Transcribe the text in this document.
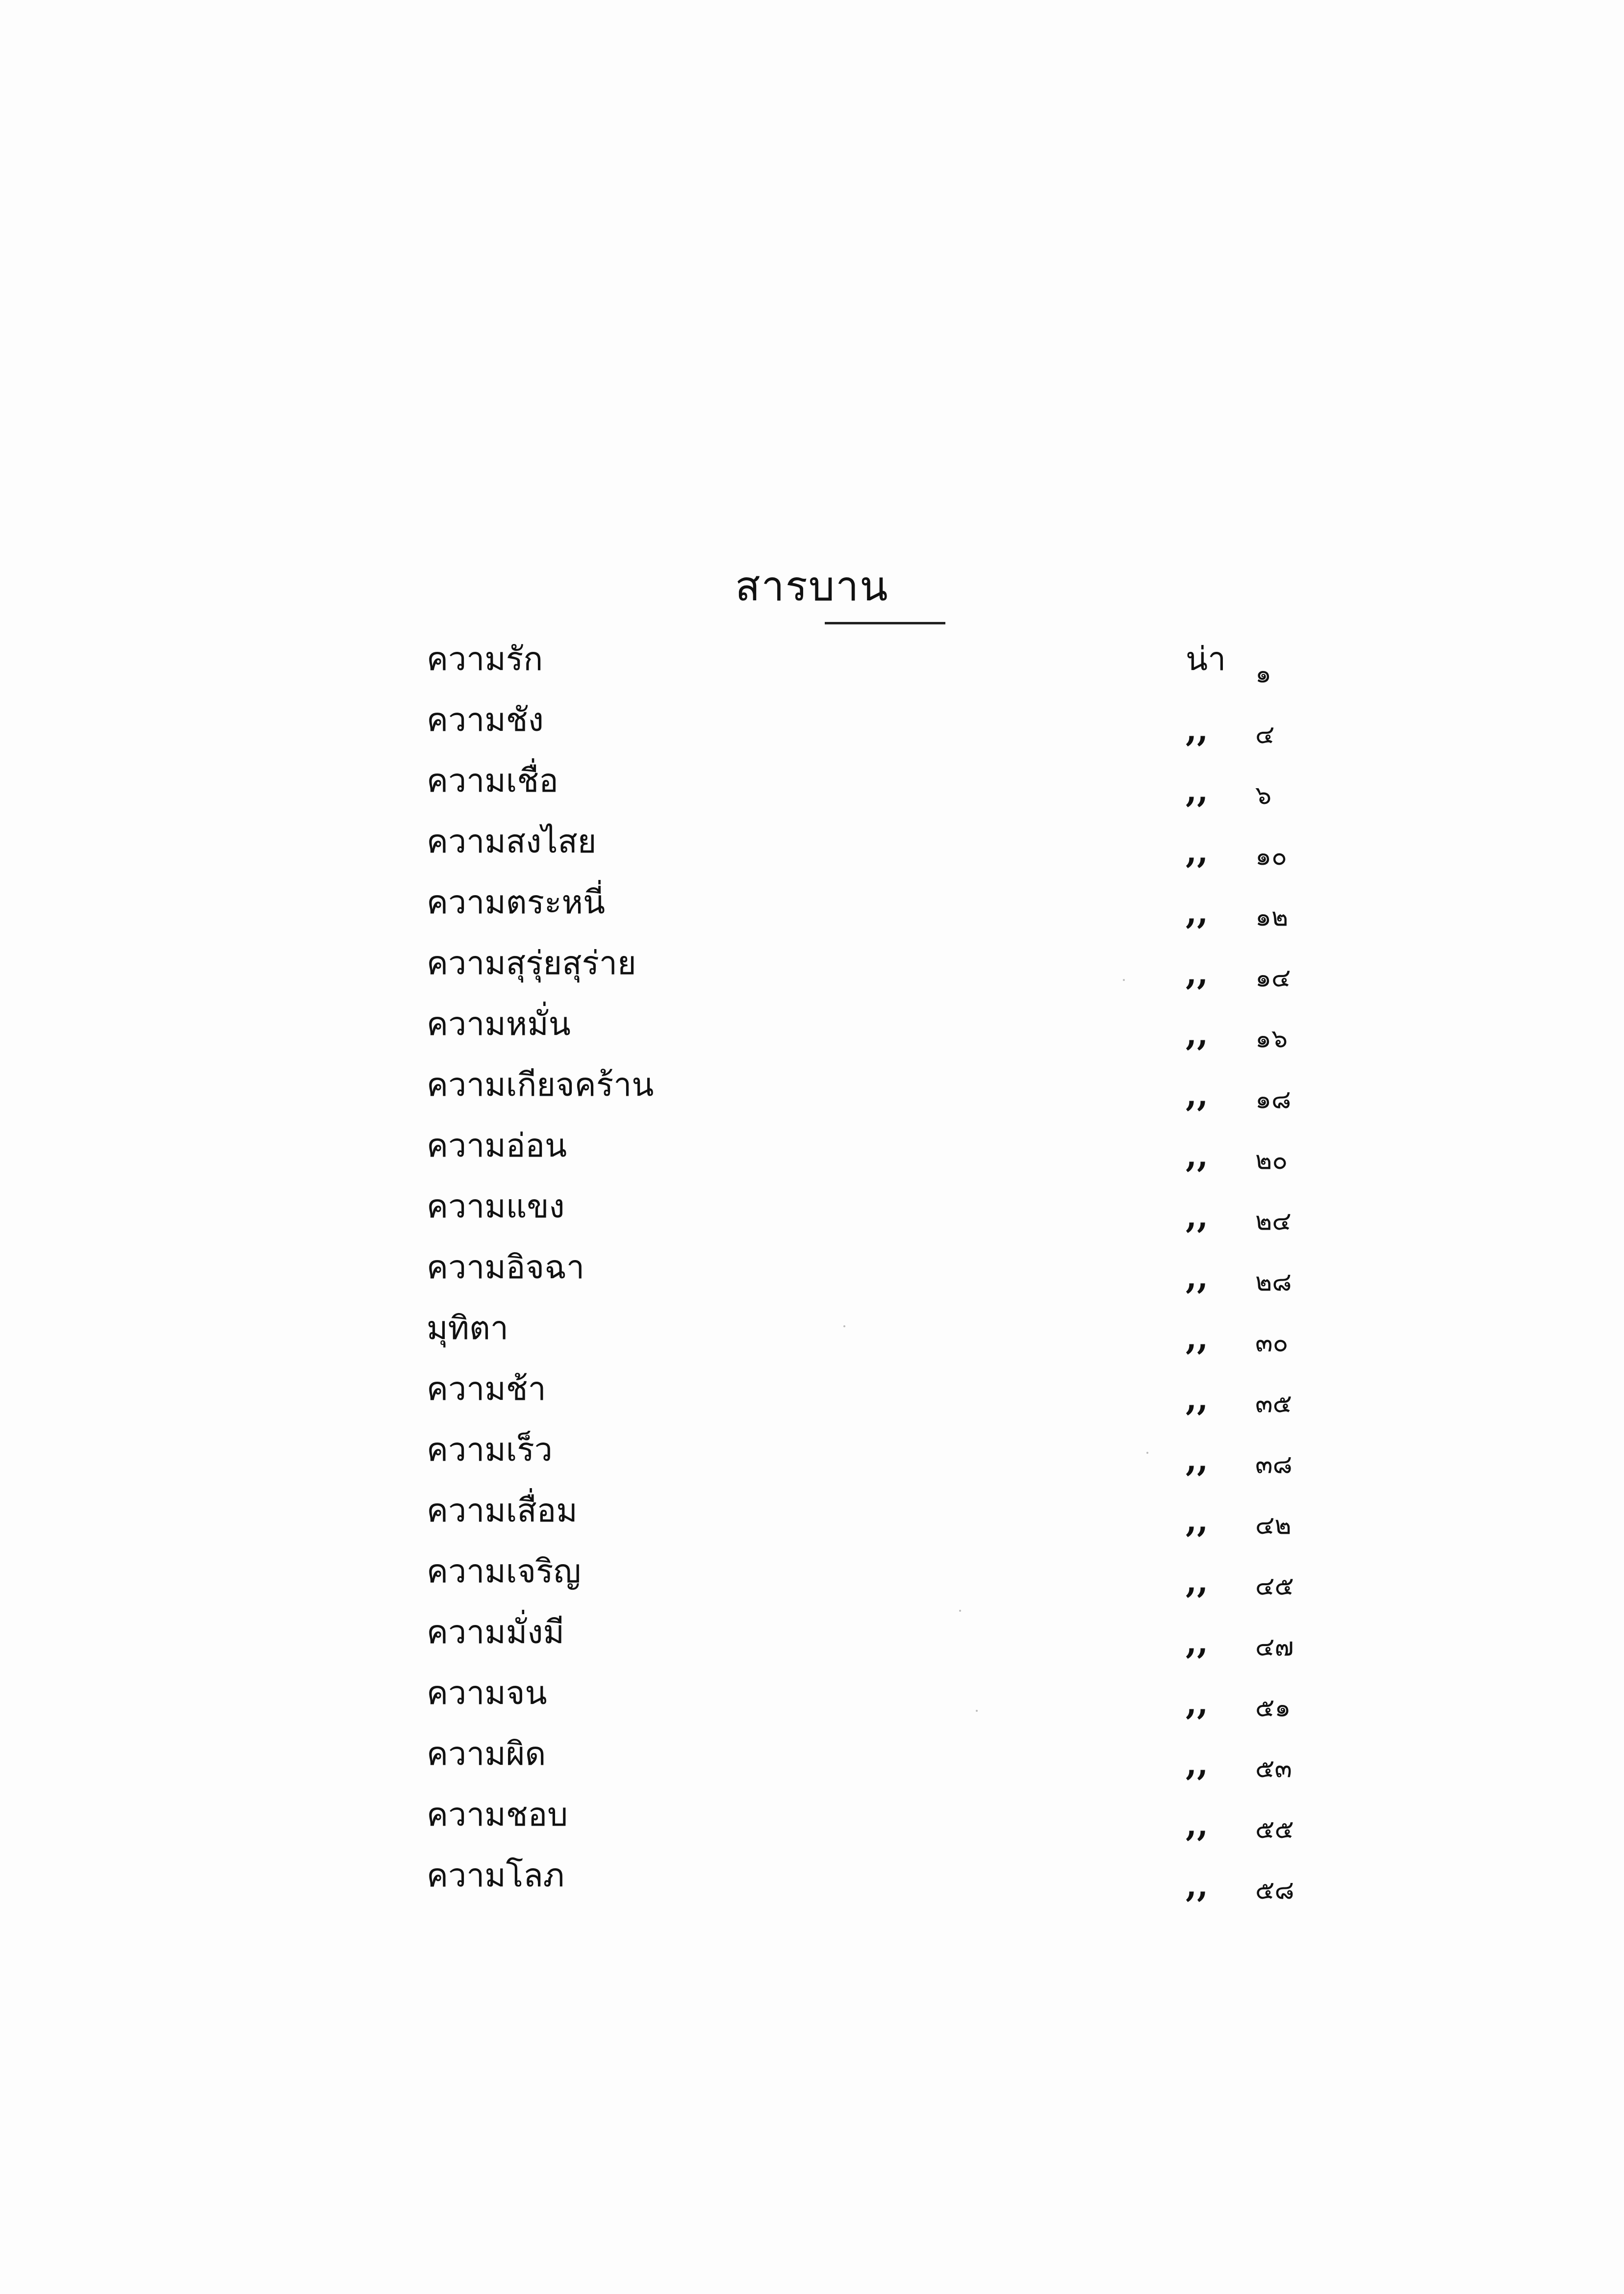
สารบาน
ความรัก	น่า ๑
ความชัง	,,	๔
ความเชื่อ	,,	๖
ความสงไสย	,,	๑๐
ความตระหนี่	,,	๑๒
ความสุรุ่ยสุร่าย	,,	๑๔
ความหมั่น	,,	๑๖
ความเกียจคร้าน	,,	๑๘
ความอ่อน	,,	๒๐
ความแขง	,,	๒๔
ความอิจฉา	,,	๒๘
มุทิตา	,,	๓๐
ความช้า	,,	๓๕
ความเร็ว	,,	๓๘
ความเสื่อม	,,	๔๒
ความเจริญ	,,	๔๕
ความมั่งมี	,,	๔๗
ความจน	,,	๕๑
ความผิด	,,	๕๓
ความชอบ	,,	๕๕
ความโลภ	,,	๕๘
